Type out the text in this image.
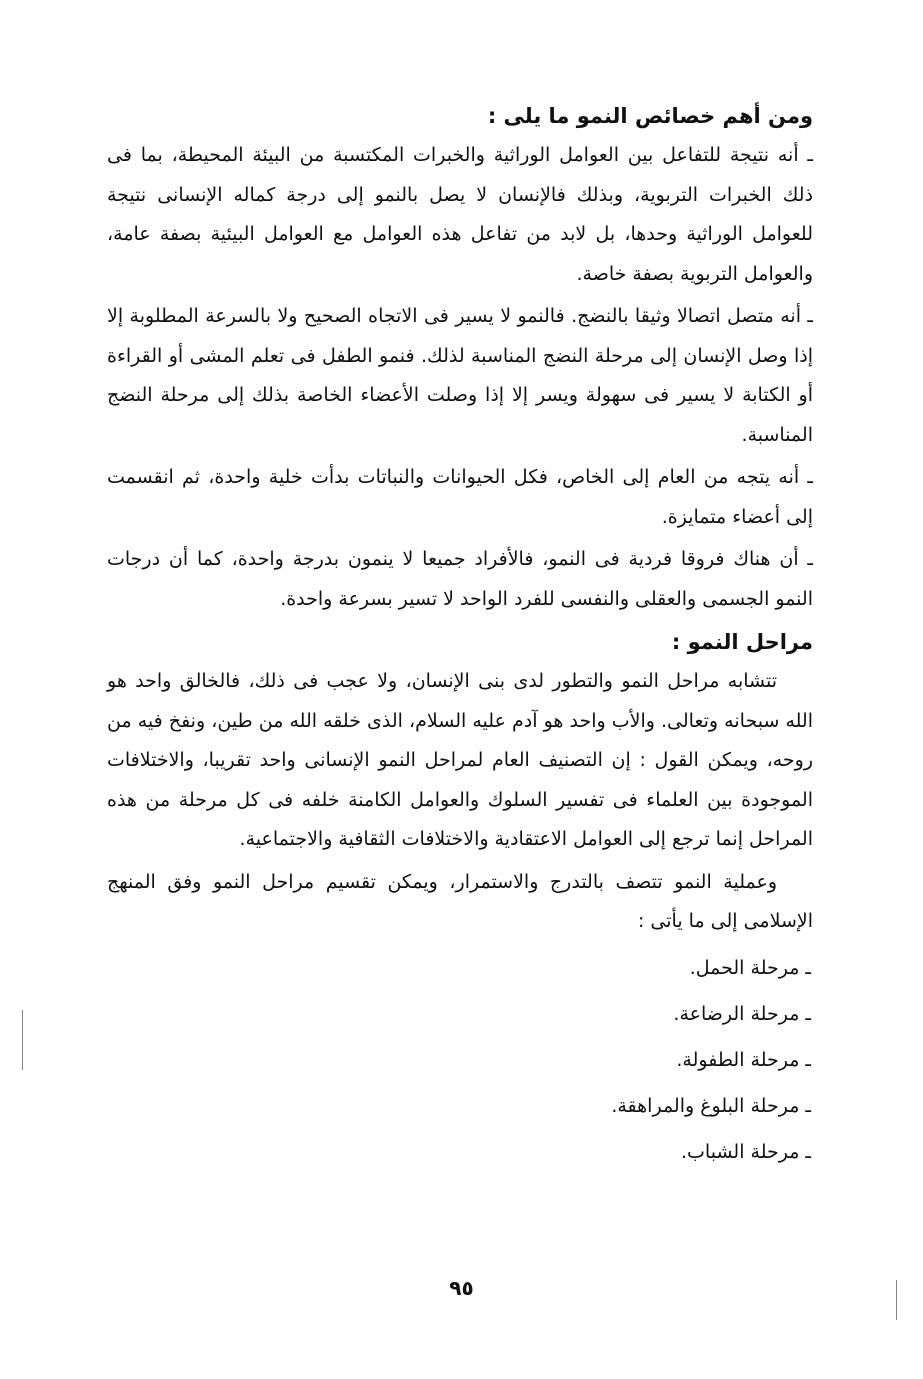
ومن أهم خصائص النمو ما يلى :

ـ أنه نتيجة للتفاعل بين العوامل الوراثية والخبرات المكتسبة من البيئة المحيطة، بما فى ذلك الخبرات التربوية، وبذلك فالإنسان لا يصل بالنمو إلى درجة كماله الإنسانى نتيجة للعوامل الوراثية وحدها، بل لابد من تفاعل هذه العوامل مع العوامل البيئية بصفة عامة، والعوامل التربوية بصفة خاصة.

ـ أنه متصل اتصالا وثيقا بالنضج. فالنمو لا يسير فى الاتجاه الصحيح ولا بالسرعة المطلوبة إلا إذا وصل الإنسان إلى مرحلة النضج المناسبة لذلك. فنمو الطفل فى تعلم المشى أو القراءة أو الكتابة لا يسير فى سهولة ويسر إلا إذا وصلت الأعضاء الخاصة بذلك إلى مرحلة النضج المناسبة.

ـ أنه يتجه من العام إلى الخاص، فكل الحيوانات والنباتات بدأت خلية واحدة، ثم انقسمت إلى أعضاء متمايزة.

ـ أن هناك فروقا فردية فى النمو، فالأفراد جميعا لا ينمون بدرجة واحدة، كما أن درجات النمو الجسمى والعقلى والنفسى للفرد الواحد لا تسير بسرعة واحدة.

مراحل النمو :

تتشابه مراحل النمو والتطور لدى بنى الإنسان، ولا عجب فى ذلك، فالخالق واحد هو الله سبحانه وتعالى. والأب واحد هو آدم عليه السلام، الذى خلقه الله من طين، ونفخ فيه من روحه، ويمكن القول : إن التصنيف العام لمراحل النمو الإنسانى واحد تقريبا، والاختلافات الموجودة بين العلماء فى تفسير السلوك والعوامل الكامنة خلفه فى كل مرحلة من هذه المراحل إنما ترجع إلى العوامل الاعتقادية والاختلافات الثقافية والاجتماعية.

وعملية النمو تتصف بالتدرج والاستمرار، ويمكن تقسيم مراحل النمو وفق المنهج الإسلامى إلى ما يأتى :

ـ مرحلة الحمل.
ـ مرحلة الرضاعة.
ـ مرحلة الطفولة.
ـ مرحلة البلوغ والمراهقة.
ـ مرحلة الشباب.
٩٥
